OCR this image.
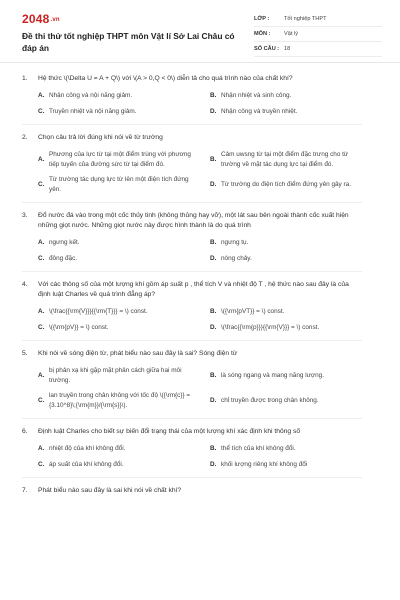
2048.vn
Đề thi thử tốt nghiệp THPT môn Vật lí Sở Lai Châu có đáp án
LỚP :	Tốt nghiệp THPT
MÔN :	Vật lý
SỐ CÂU : 18
1.	Hệ thức \(\Delta U = A + Q\) với \(A > 0,Q < 0\) diễn tả cho quá trình nào của chất khí?
A. Nhận công và nội năng giảm.	B. Nhận nhiệt và sinh công.
C. Truyền nhiệt và nội năng giảm.	D. Nhận công và truyền nhiệt.
2.	Chọn câu trả lời đúng khi nói về từ trường
A.
Phương của lực từ tại một điểm trùng với phương tiếp tuyến của đường sức từ tại điểm đó.
B.
Cảm uwsng từ tại một điểm đặc trưng cho từ trường về mặt tác dụng lực tại điểm đó.
C.
Từ trường tác dụng lực từ lên một điện tích đứng yên.
D. Từ trường do điện tích điểm đứng yên gây ra.
3.	Đổ nước đá vào trong một cốc thủy tinh (không thủng hay vỡ), một lát sau bên ngoài thành cốc xuất hiện những giọt nước. Những giọt nước này được hình thành là do quá trình
A. ngưng kết.	B. ngưng tụ.
C. đông đặc.	D. nóng chảy.
4.	Với các thông số của một lượng khí gồm áp suất p , thể tích V và nhiệt độ T , hệ thức nào sau đây là của định luật Charles về quá trình đẳng áp?
A. \(\frac{{\rm{V}}}{{\rm{T}}} = \) const.	B. \({\rm{pVT}} = \) const.
C. \({\rm{pV}} = \) const.	D. \(\frac{{\rm{p}}}{{\rm{V}}} = \) const.
5.	Khi nói về sóng điện từ, phát biểu nào sau đây là sai? Sóng điện từ
A.
bị phản xạ khi gặp mặt phân cách giữa hai môi trường.
B. là sóng ngang và mang năng lượng.
C.
lan truyền trong chân không với tốc độ \({\rm{c}} = {3.10^8}\;{\rm{m}}/{\rm{s}}\).
D. chỉ truyền được trong chân không.
6.	Định luật Charles cho biết sự biến đổi trạng thái của một lượng khí xác định khi thông số
A. nhiệt độ của khí không đổi.	B. thể tích của khí không đổi.
C. áp suất của khí không đổi.	D. khối lượng riêng khí không đổi
7.	Phát biểu nào sau đây là sai khi nói về chất khí?
